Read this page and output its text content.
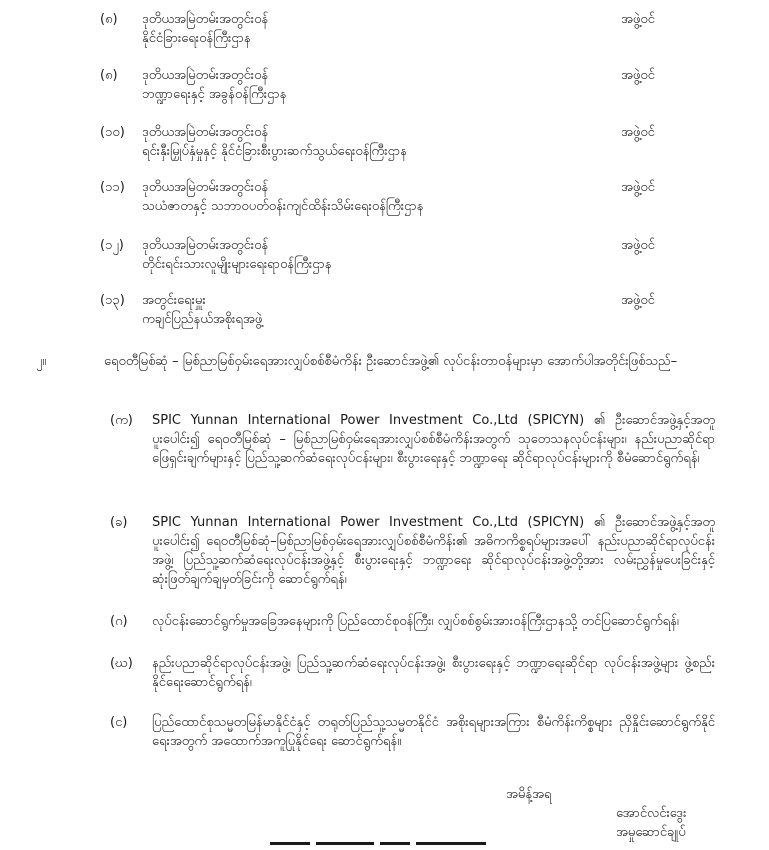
(၈) ဒုတိယအမြဲတမ်းအတွင်းဝန်
နိုင်ငံခြားရေးဝန်ကြီးဌာန
အဖွဲ့ဝင်
(၈) ဒုတိယအမြဲတမ်းအတွင်းဝန်
ဘဏ္ဍာရေးနှင့် အခွန်ဝန်ကြီးဌာန
အဖွဲ့ဝင်
(၁၀) ဒုတိယအမြဲတမ်းအတွင်းဝန်
ရင်းနှီးမြှုပ်နှံမှုနှင့် နိုင်ငံခြားစီးပွားဆက်သွယ်ရေးဝန်ကြီးဌာန
အဖွဲ့ဝင်
(၁၁) ဒုတိယအမြဲတမ်းအတွင်းဝန်
သယံဇာတနှင့် သဘာဝပတ်ဝန်းကျင်ထိန်းသိမ်းရေးဝန်ကြီးဌာန
အဖွဲ့ဝင်
(၁၂) ဒုတိယအမြဲတမ်းအတွင်းဝန်
တိုင်းရင်းသားလူမျိုးများရေးရာဝန်ကြီးဌာန
အဖွဲ့ဝင်
(၁၃) အတွင်းရေးမှူး
ကချင်ပြည်နယ်အစိုးရအဖွဲ့
အဖွဲ့ဝင်
၂။	ရေဝတီမြစ်ဆုံ – မြစ်ညာမြစ်ဝှမ်းရေအားလျှပ်စစ်စီမံကိန်း ဦးဆောင်အဖွဲ့၏ လုပ်ငန်းတာဝန်များမှာ အောက်ပါအတိုင်းဖြစ်သည်–
(က) SPIC Yunnan International Power Investment Co.,Ltd (SPICYN) ၏ ဦးဆောင်အဖွဲ့နှင့်အတူ ပူးပေါင်း၍ ရေဝတီမြစ်ဆုံ – မြစ်ညာမြစ်ဝှမ်းရေအားလျှပ်စစ်စီမံကိန်းအတွက် သုတေသနလုပ်ငန်းများ၊ နည်းပညာဆိုင်ရာ ဖြေရှင်းချက်များနှင့် ပြည်သူ့ဆက်ဆံရေးလုပ်ငန်းများ၊ စီးပွားရေးနှင့် ဘဏ္ဍာရေး ဆိုင်ရာလုပ်ငန်းများကို စီမံဆောင်ရွက်ရန်၊
(ခ) SPIC Yunnan International Power Investment Co.,Ltd (SPICYN) ၏ ဦးဆောင်အဖွဲ့နှင့်အတူ ပူးပေါင်း၍ ရေဝတီမြစ်ဆုံ–မြစ်ညာမြစ်ဝှမ်းရေအားလျှပ်စစ်စီမံကိန်း၏ အဓိကကိစ္စရပ်များအပေါ် နည်းပညာဆိုင်ရာလုပ်ငန်းအဖွဲ့၊ ပြည်သူ့ဆက်ဆံရေးလုပ်ငန်းအဖွဲ့နှင့် စီးပွားရေးနှင့် ဘဏ္ဍာရေး ဆိုင်ရာလုပ်ငန်းအဖွဲ့တို့အား လမ်းညွှန်မှုပေးခြင်းနှင့် ဆုံးဖြတ်ချက်ချမှတ်ခြင်းကို ဆောင်ရွက်ရန်၊
(ဂ) လုပ်ငန်းဆောင်ရွက်မှုအခြေအနေများကို ပြည်ထောင်စုဝန်ကြီး၊ လျှပ်စစ်စွမ်းအားဝန်ကြီးဌာနသို့ တင်ပြဆောင်ရွက်ရန်၊
(ဃ) နည်းပညာဆိုင်ရာလုပ်ငန်းအဖွဲ့၊ ပြည်သူ့ဆက်ဆံရေးလုပ်ငန်းအဖွဲ့၊ စီးပွားရေးနှင့် ဘဏ္ဍာရေးဆိုင်ရာ လုပ်ငန်းအဖွဲ့များ ဖွဲ့စည်းနိုင်ရေးဆောင်ရွက်ရန်၊
(င) ပြည်ထောင်စုသမ္မတမြန်မာနိုင်ငံနှင့် တရုတ်ပြည်သူ့သမ္မတနိုင်ငံ အစိုးရများအကြား စီမံကိန်းကိစ္စများ ညှိနှိုင်းဆောင်ရွက်နိုင်ရေးအတွက် အထောက်အကူပြုနိုင်ရေး ဆောင်ရွက်ရန်။
အမိန့်အရ
အောင်လင်းဒွေး
အမှုဆောင်ချုပ်
